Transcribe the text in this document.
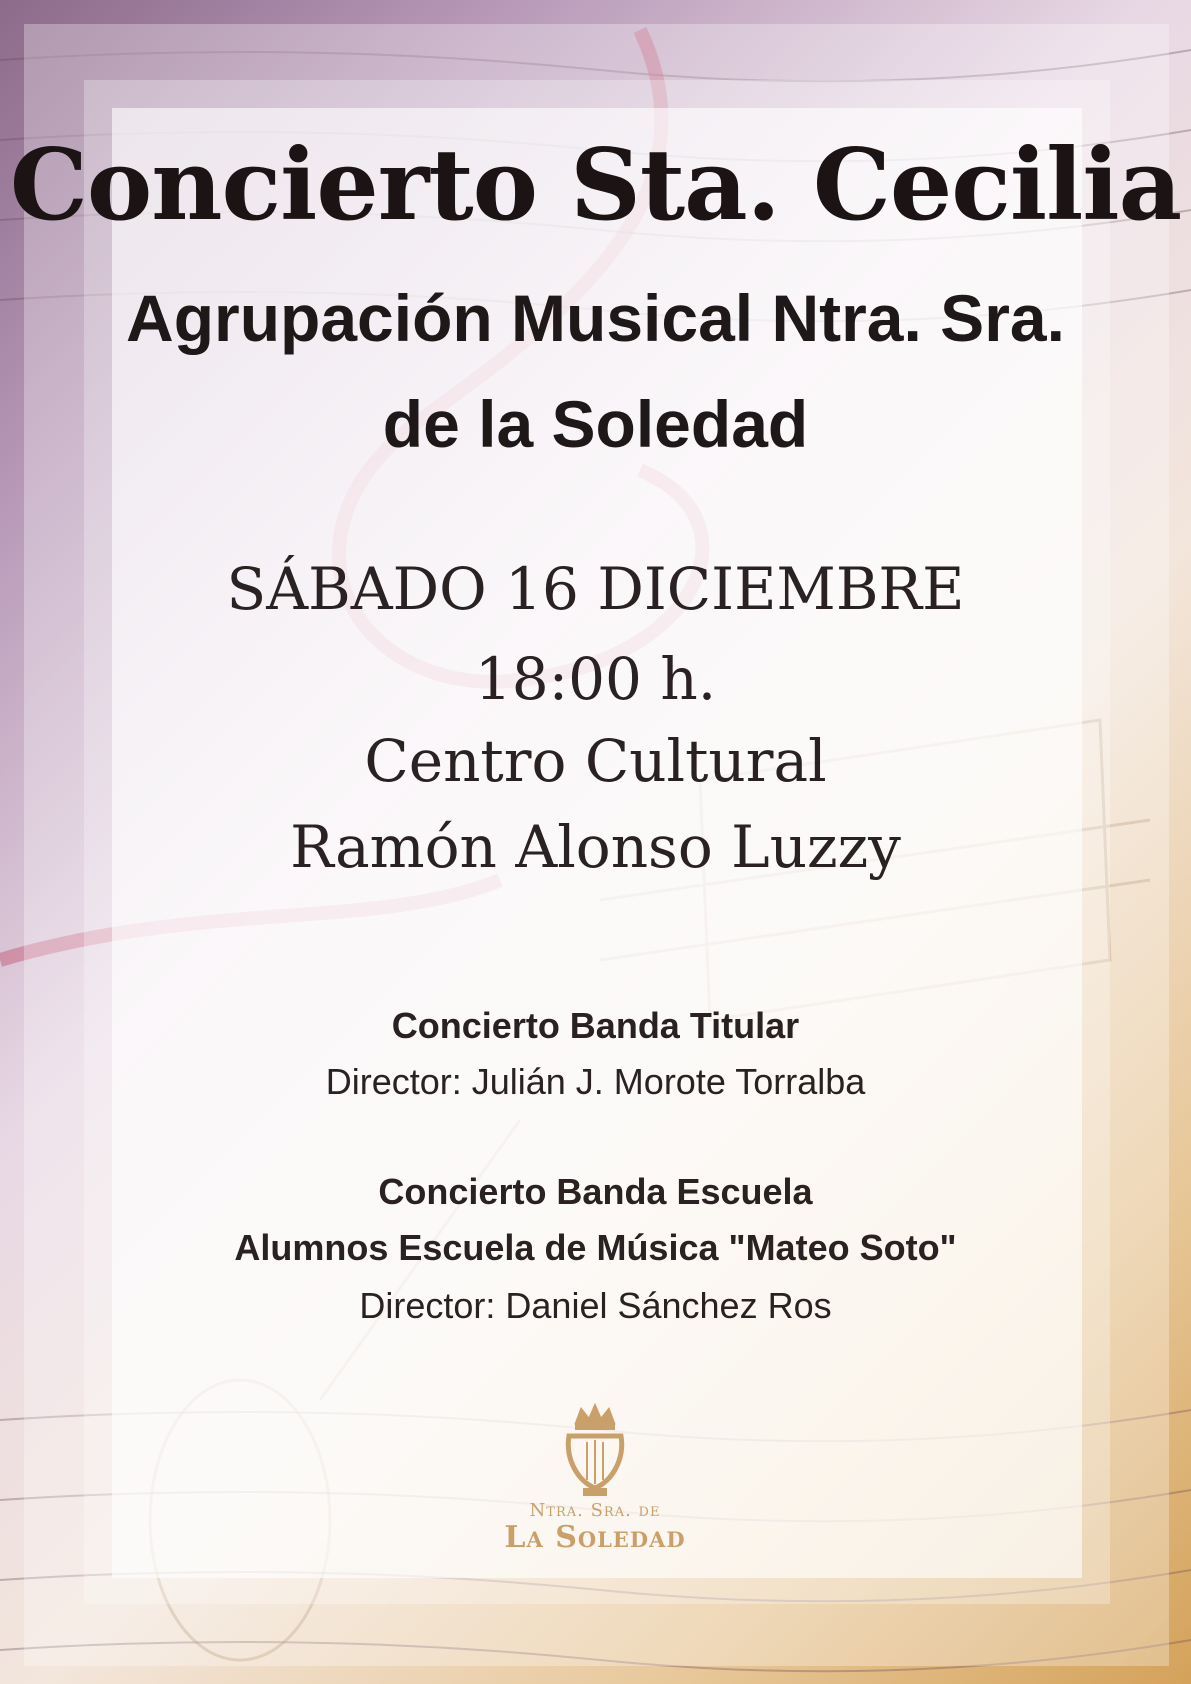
Concierto Sta. Cecilia
Agrupación Musical Ntra. Sra.
de la Soledad
SÁBADO 16 DICIEMBRE
18:00 h.
Centro Cultural
Ramón Alonso Luzzy
Concierto Banda Titular
Director: Julián J. Morote Torralba
Concierto Banda Escuela
Alumnos Escuela de Música "Mateo Soto"
Director: Daniel Sánchez Ros
Ntra. Sra. de
La Soledad
